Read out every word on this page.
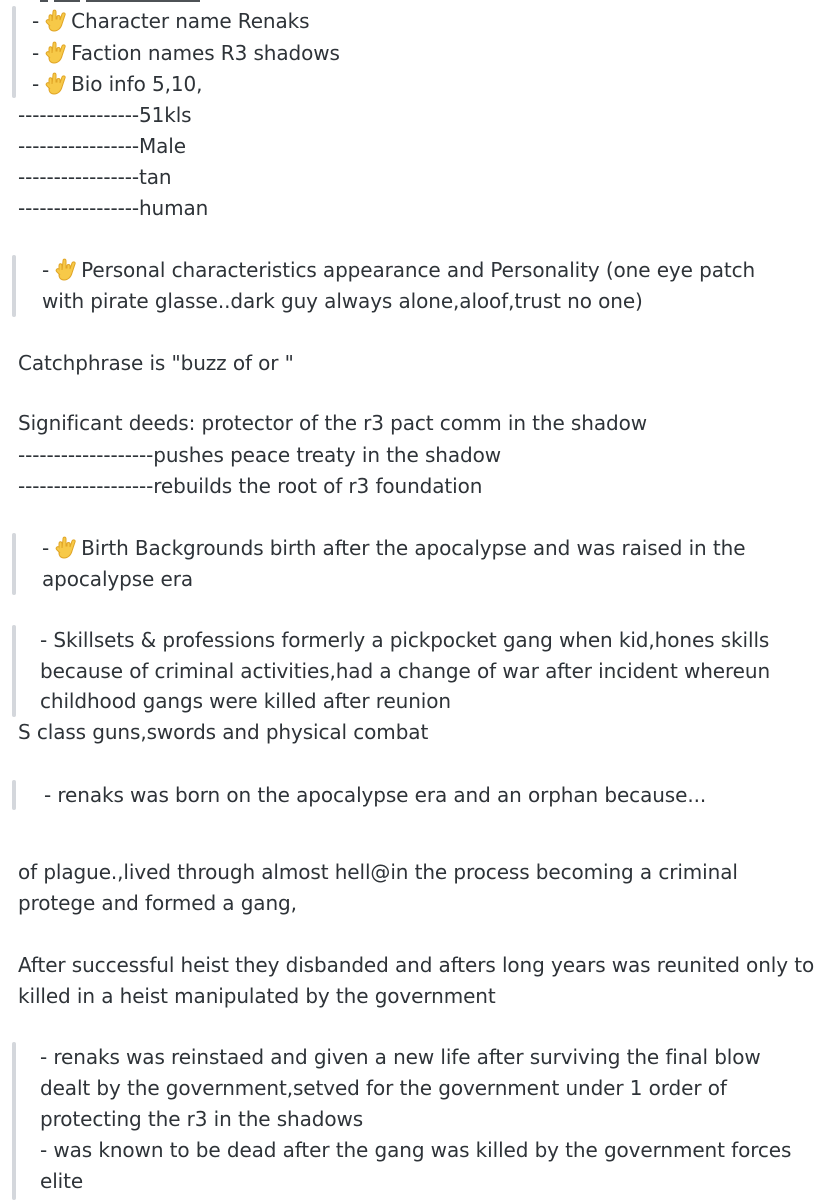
- Character name Renaks
- Faction names R3 shadows
- Bio info 5,10,
-----------------51kls
-----------------Male
-----------------tan
-----------------human
- Personal characteristics appearance and Personality (one eye patch
with pirate glasse..dark guy always alone,aloof,trust no one)
Catchphrase is "buzz of or "
Significant deeds: protector of the r3 pact comm in the shadow
-------------------pushes peace treaty in the shadow
-------------------rebuilds the root of r3 foundation
- Birth Backgrounds birth after the apocalypse and was raised in the
apocalypse era
- Skillsets & professions formerly a pickpocket gang when kid,hones skills
because of criminal activities,had a change of war after incident whereun
childhood gangs were killed after reunion
S class guns,swords and physical combat
- renaks was born on the apocalypse era and an orphan because...
of plague.,lived through almost hell@in the process becoming a criminal
protege and formed a gang,
After successful heist they disbanded and afters long years was reunited only to
killed in a heist manipulated by the government
- renaks was reinstaed and given a new life after surviving the final blow
dealt by the government,setved for the government under 1 order of
protecting the r3 in the shadows
- was known to be dead after the gang was killed by the government forces
elite
